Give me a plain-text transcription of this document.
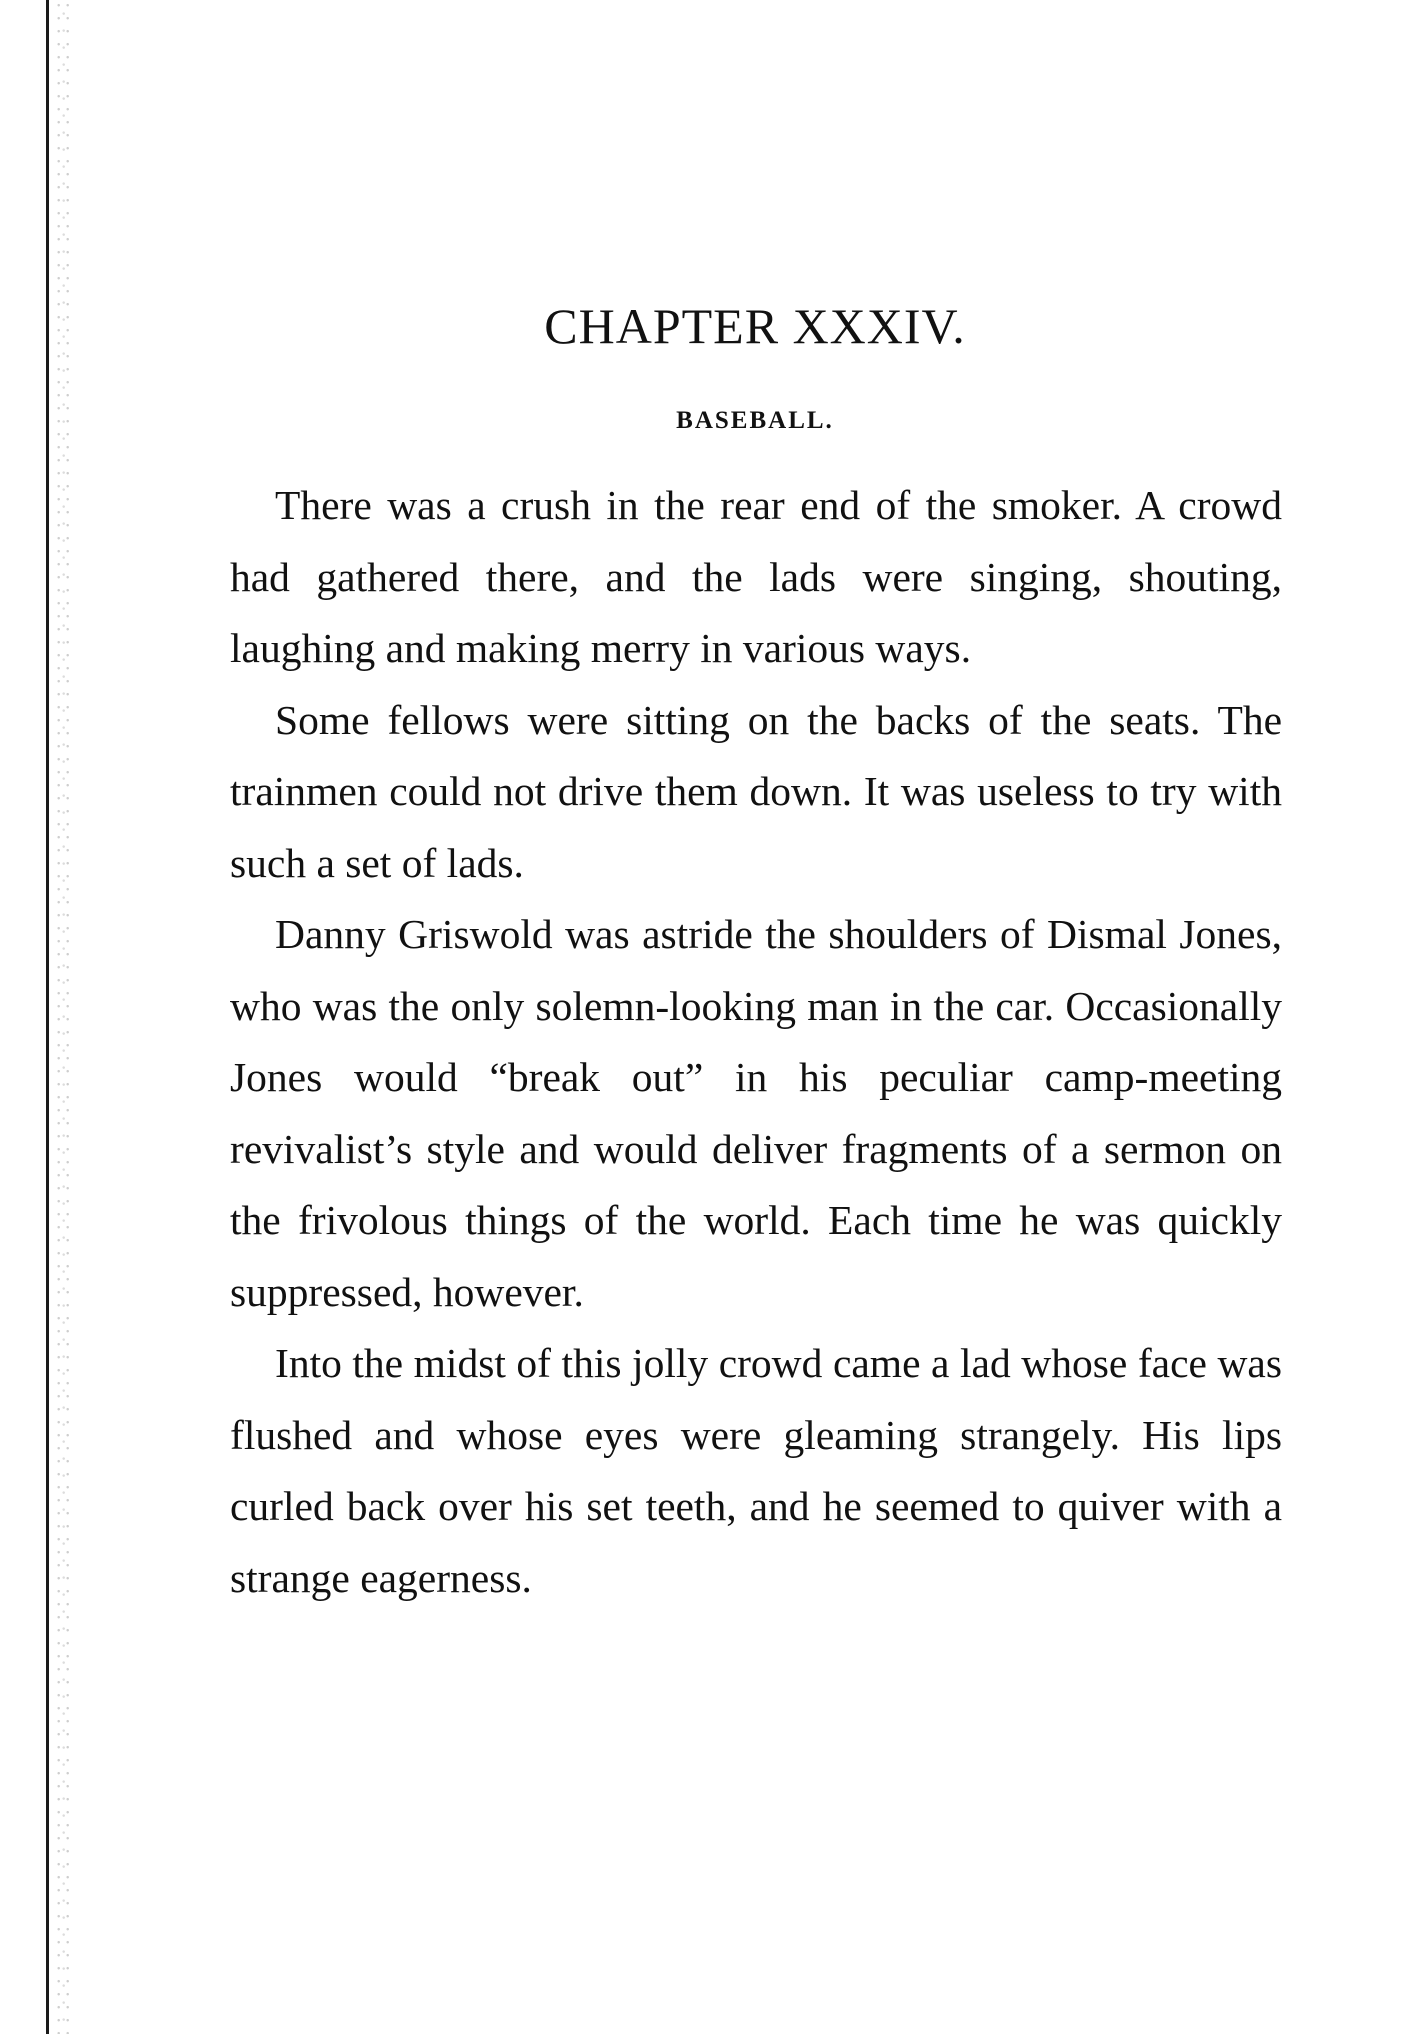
CHAPTER XXXIV.
BASEBALL.

There was a crush in the rear end of the smoker. A crowd had gathered there, and the lads were singing, shouting, laughing and making merry in various ways.

Some fellows were sitting on the backs of the seats. The trainmen could not drive them down. It was useless to try with such a set of lads.

Danny Griswold was astride the shoulders of Dismal Jones, who was the only solemn-looking man in the car. Occasionally Jones would “break out” in his peculiar camp-meeting revivalist’s style and would deliver fragments of a sermon on the frivolous things of the world. Each time he was quickly suppressed, however.

Into the midst of this jolly crowd came a lad whose face was flushed and whose eyes were gleaming strangely. His lips curled back over his set teeth, and he seemed to quiver with a strange eagerness.
